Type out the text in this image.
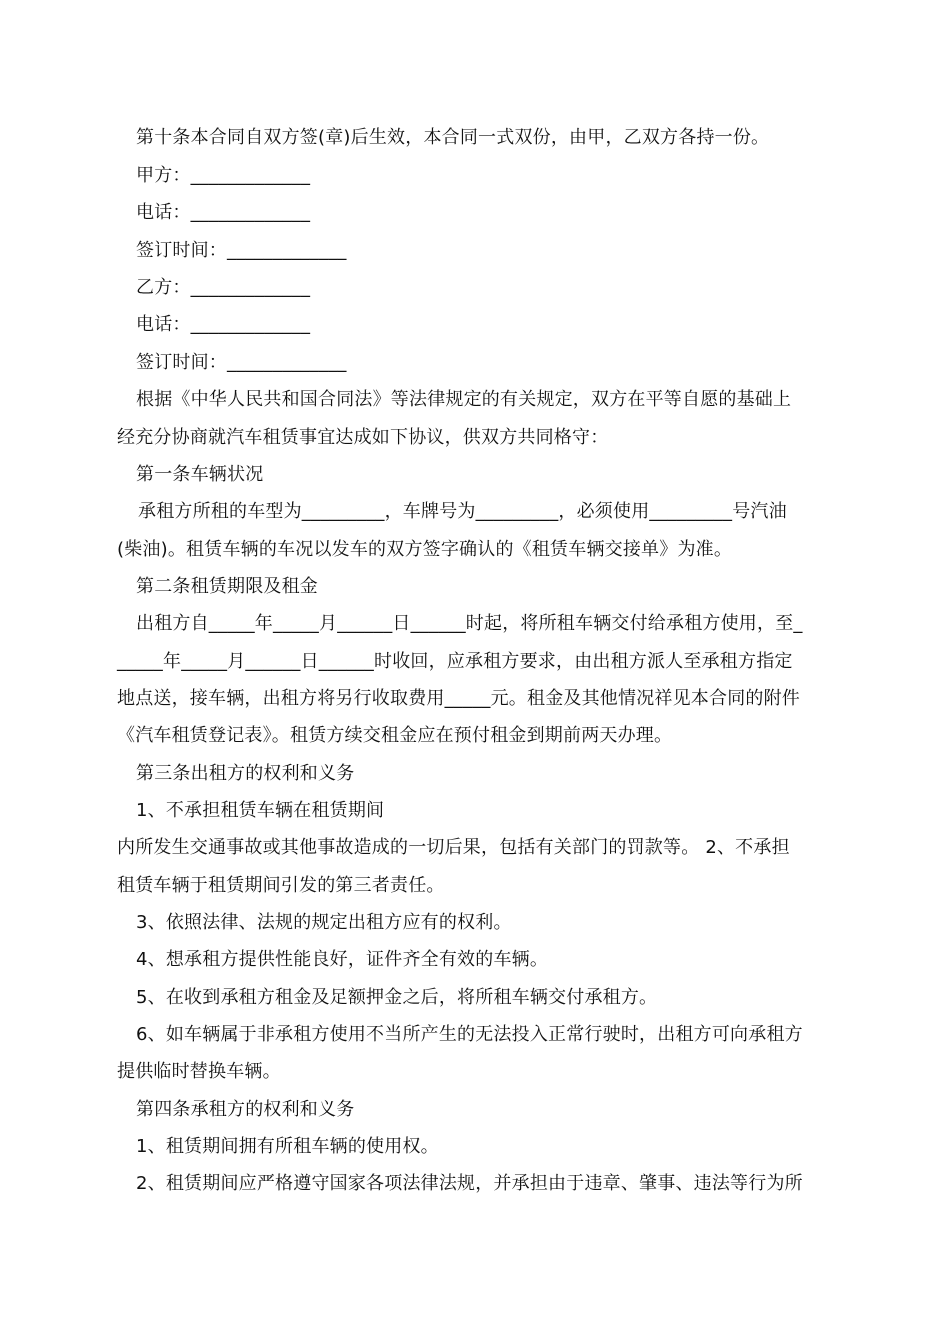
第十条本合同自双方签(章)后生效，本合同一式双份，由甲，乙双方各持一份。
甲方：_____________
电话：_____________
签订时间：_____________
乙方：_____________
电话：_____________
签订时间：_____________
根据《中华人民共和国合同法》等法律规定的有关规定，双方在平等自愿的基础上
经充分协商就汽车租赁事宜达成如下协议，供双方共同格守：
第一条车辆状况
承租方所租的车型为_________，车牌号为_________，必须使用_________号汽油
(柴油)。租赁车辆的车况以发车的双方签字确认的《租赁车辆交接单》为准。
第二条租赁期限及租金
出租方自_____年_____月______日______时起，将所租车辆交付给承租方使用，至_
_____年_____月______日______时收回，应承租方要求，由出租方派人至承租方指定
地点送，接车辆，出租方将另行收取费用_____元。租金及其他情况祥见本合同的附件
《汽车租赁登记表》。租赁方续交租金应在预付租金到期前两天办理。
第三条出租方的权利和义务
1、不承担租赁车辆在租赁期间
内所发生交通事故或其他事故造成的一切后果，包括有关部门的罚款等。 2、不承担
租赁车辆于租赁期间引发的第三者责任。
3、依照法律、法规的规定出租方应有的权利。
4、想承租方提供性能良好，证件齐全有效的车辆。
5、在收到承租方租金及足额押金之后，将所租车辆交付承租方。
6、如车辆属于非承租方使用不当所产生的无法投入正常行驶时，出租方可向承租方
提供临时替换车辆。
第四条承租方的权利和义务
1、租赁期间拥有所租车辆的使用权。
2、租赁期间应严格遵守国家各项法律法规，并承担由于违章、肇事、违法等行为所
